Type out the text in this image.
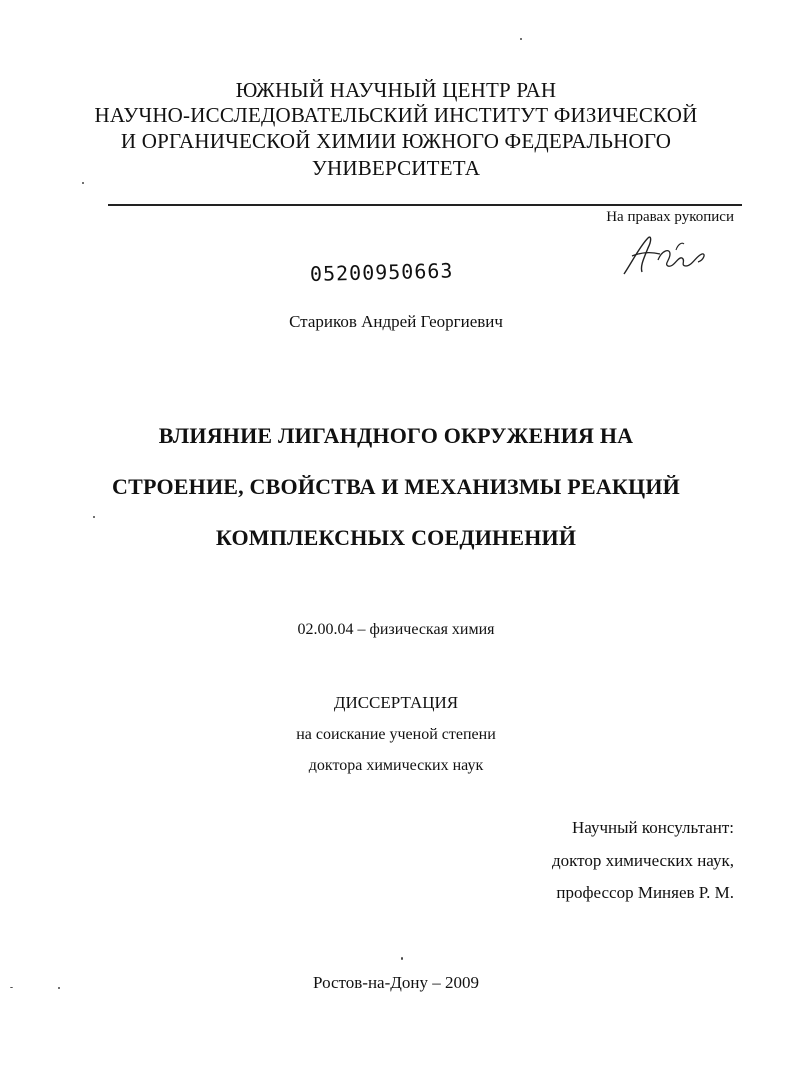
ЮЖНЫЙ НАУЧНЫЙ ЦЕНТР РАН
НАУЧНО-ИССЛЕДОВАТЕЛЬСКИЙ ИНСТИТУТ ФИЗИЧЕСКОЙ
И ОРГАНИЧЕСКОЙ ХИМИИ ЮЖНОГО ФЕДЕРАЛЬНОГО
УНИВЕРСИТЕТА
На правах рукописи
05200950663
Стариков Андрей Георгиевич
ВЛИЯНИЕ ЛИГАНДНОГО ОКРУЖЕНИЯ НА
СТРОЕНИЕ, СВОЙСТВА И МЕХАНИЗМЫ РЕАКЦИЙ
КОМПЛЕКСНЫХ СОЕДИНЕНИЙ
02.00.04 – физическая химия
ДИССЕРТАЦИЯ
на соискание ученой степени
доктора химических наук
Научный консультант:
доктор химических наук,
профессор Миняев Р. М.
Ростов-на-Дону – 2009
